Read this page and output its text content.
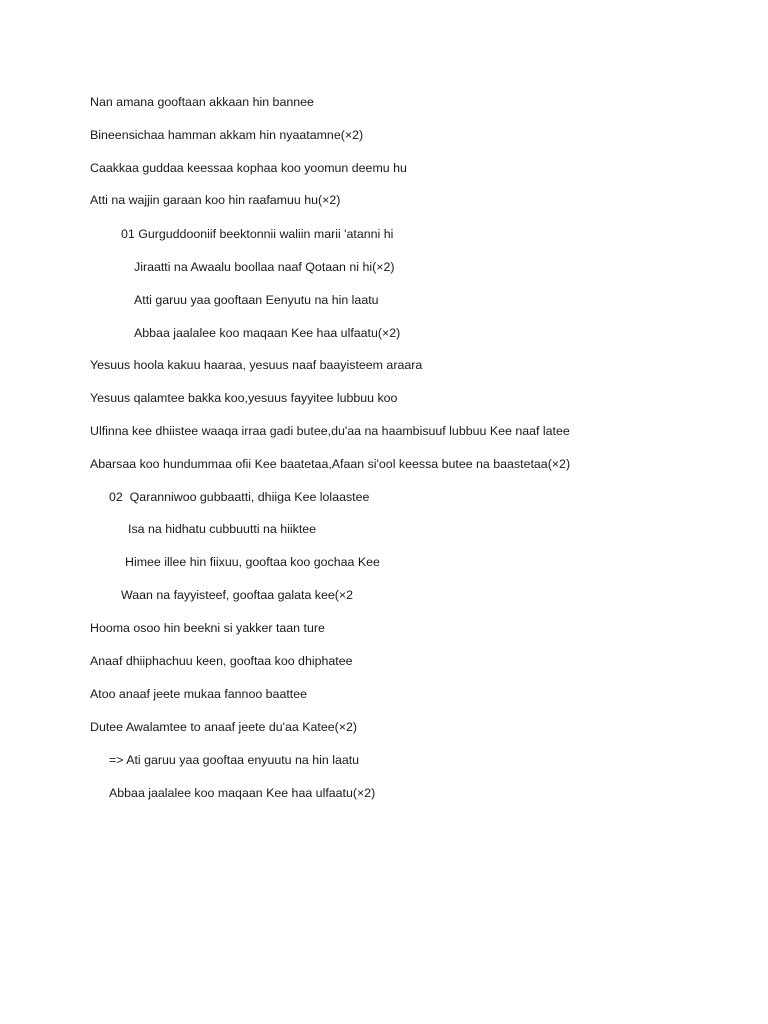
Nan amana gooftaan akkaan hin bannee
Bineensichaa hamman akkam hin nyaatamne(×2)
Caakkaa guddaa keessaa kophaa koo yoomun deemu hu
Atti na wajjin garaan koo hin raafamuu hu(×2)
01 Gurguddooniif beektonnii waliin marii 'atanni hi
Jiraatti na Awaalu boollaa naaf Qotaan ni hi(×2)
Atti garuu yaa gooftaan Eenyutu na hin laatu
Abbaa jaalalee koo maqaan Kee haa ulfaatu(×2)
Yesuus hoola kakuu haaraa, yesuus naaf baayisteem araara
Yesuus qalamtee bakka koo,yesuus fayyitee lubbuu koo
Ulfinna kee dhiistee waaqa irraa gadi butee,du'aa na haambisuuf lubbuu Kee naaf latee
Abarsaa koo hundummaa ofii Kee baatetaa,Afaan si'ool keessa butee na baastetaa(×2)
02  Qaranniwoo gubbaatti, dhiiga Kee lolaastee
Isa na hidhatu cubbuutti na hiiktee
Himee illee hin fiixuu, gooftaa koo gochaa Kee
Waan na fayyisteef, gooftaa galata kee(×2
Hooma osoo hin beekni si yakker taan ture
Anaaf dhiiphachuu keen, gooftaa koo dhiphatee
Atoo anaaf jeete mukaa fannoo baattee
Dutee Awalamtee to anaaf jeete du'aa Katee(×2)
=> Ati garuu yaa gooftaa enyuutu na hin laatu
Abbaa jaalalee koo maqaan Kee haa ulfaatu(×2)
